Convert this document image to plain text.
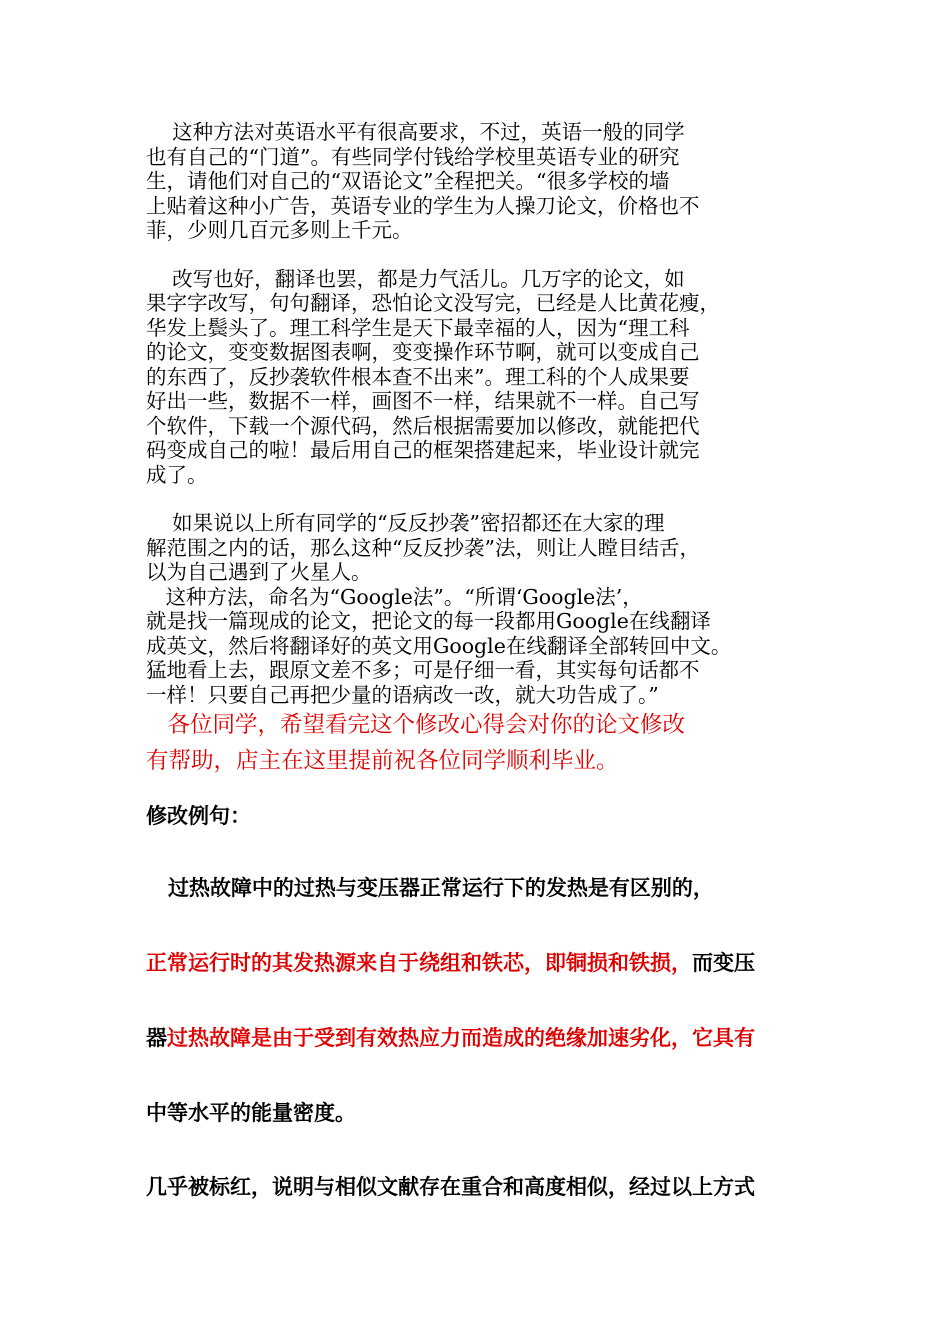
这种方法对英语水平有很高要求，不过，英语一般的同学

也有自己的“门道”。有些同学付钱给学校里英语专业的研究

生，请他们对自己的“双语论文”全程把关。“很多学校的墙

上贴着这种小广告，英语专业的学生为人操刀论文，价格也不

菲，少则几百元多则上千元。

改写也好，翻译也罢，都是力气活儿。几万字的论文，如

果字字改写，句句翻译，恐怕论文没写完，已经是人比黄花瘦，

华发上鬓头了。理工科学生是天下最幸福的人，因为“理工科

的论文，变变数据图表啊，变变操作环节啊，就可以变成自己

的东西了，反抄袭软件根本查不出来”。理工科的个人成果要

好出一些，数据不一样，画图不一样，结果就不一样。自己写

个软件，下载一个源代码，然后根据需要加以修改，就能把代

码变成自己的啦！最后用自己的框架搭建起来，毕业设计就完

成了。

如果说以上所有同学的“反反抄袭”密招都还在大家的理

解范围之内的话，那么这种“反反抄袭”法，则让人瞠目结舌，

以为自己遇到了火星人。

这种方法，命名为“Google法”。“所谓‘Google法’，

就是找一篇现成的论文，把论文的每一段都用Google在线翻译

成英文，然后将翻译好的英文用Google在线翻译全部转回中文。

猛地看上去，跟原文差不多；可是仔细一看，其实每句话都不

一样！只要自己再把少量的语病改一改，就大功告成了。”

各位同学，希望看完这个修改心得会对你的论文修改

有帮助，店主在这里提前祝各位同学顺利毕业。

修改例句：

过热故障中的过热与变压器正常运行下的发热是有区别的，

正常运行时的其发热源来自于绕组和铁芯，即铜损和铁损，而变压

器过热故障是由于受到有效热应力而造成的绝缘加速劣化，它具有

中等水平的能量密度。

几乎被标红，说明与相似文献存在重合和高度相似，经过以上方式
